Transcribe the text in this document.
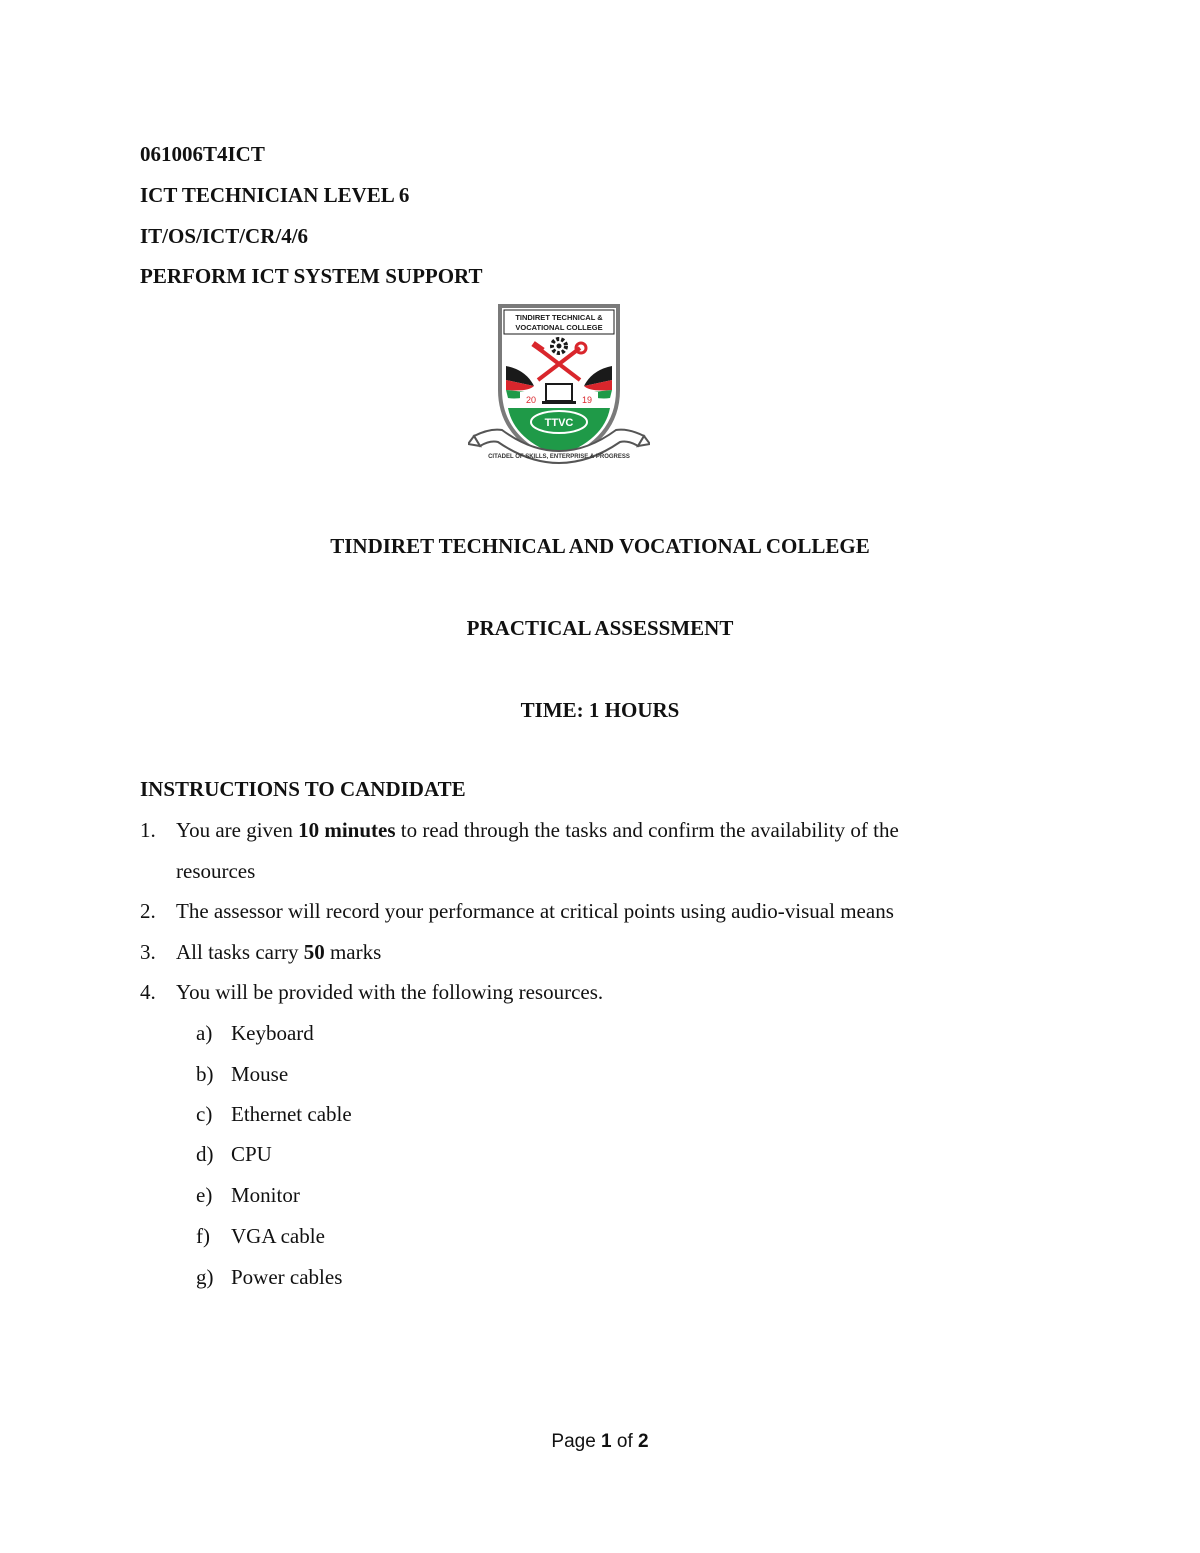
061006T4ICT
ICT TECHNICIAN LEVEL 6
IT/OS/ICT/CR/4/6
PERFORM ICT SYSTEM SUPPORT
TINDIRET TECHNICAL &
VOCATIONAL COLLEGE
20	19
TTVC
CITADEL OF SKILLS, ENTERPRISE & PROGRESS
TINDIRET TECHNICAL AND VOCATIONAL COLLEGE
PRACTICAL ASSESSMENT
TIME: 1 HOURS
INSTRUCTIONS TO CANDIDATE
1. You are given 10 minutes to read through the tasks and confirm the availability of the
resources
2. The assessor will record your performance at critical points using audio-visual means
3. All tasks carry 50 marks
4. You will be provided with the following resources.
a) Keyboard
b) Mouse
c) Ethernet cable
d) CPU
e) Monitor
f) VGA cable
g) Power cables
Page 1 of 2
